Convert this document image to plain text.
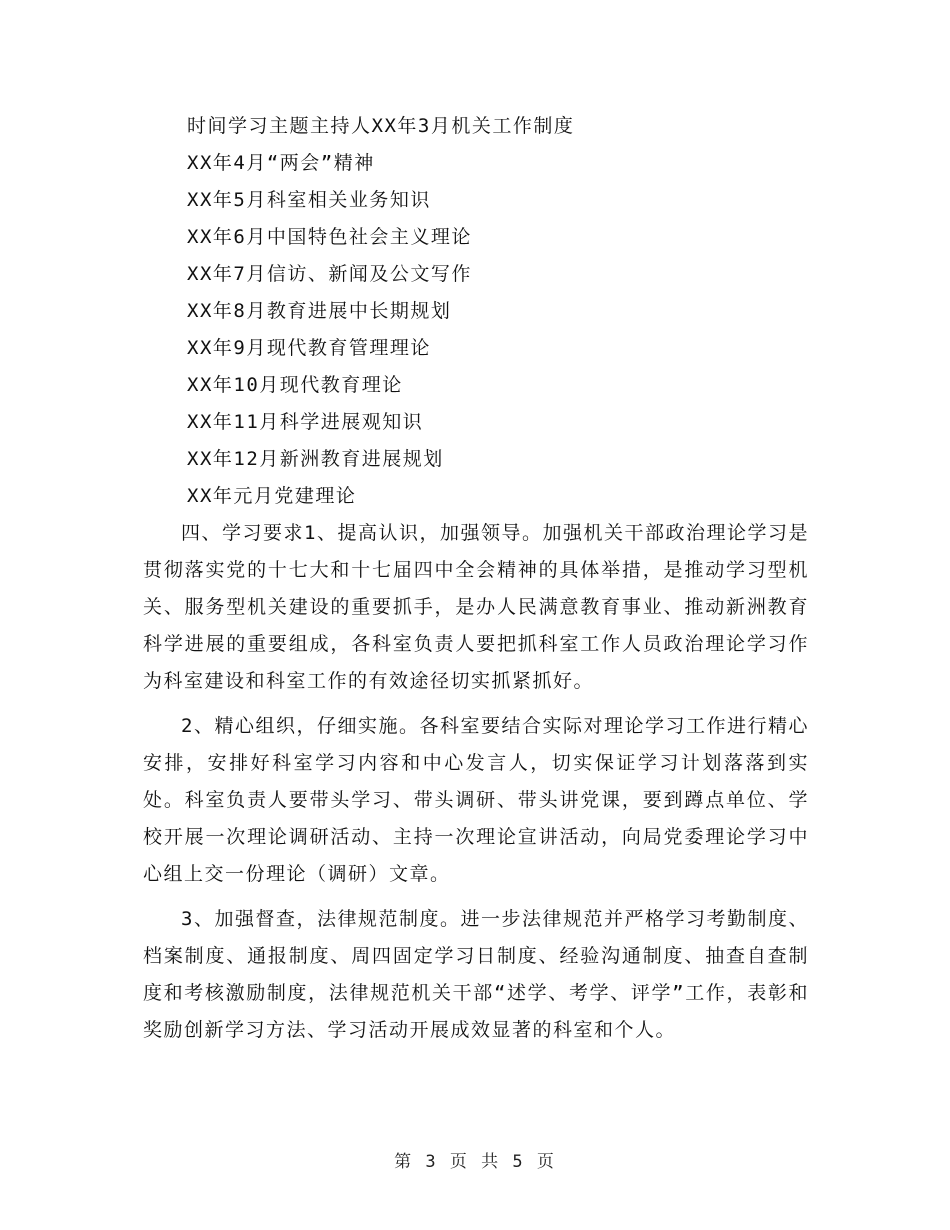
时间学习主题主持人XX年3月机关工作制度
XX年4月“两会”精神
XX年5月科室相关业务知识
XX年6月中国特色社会主义理论
XX年7月信访、新闻及公文写作
XX年8月教育进展中长期规划
XX年9月现代教育管理理论
XX年10月现代教育理论
XX年11月科学进展观知识
XX年12月新洲教育进展规划
XX年元月党建理论

四、学习要求1、提高认识，加强领导。加强机关干部政治理论学习是贯彻落实党的十七大和十七届四中全会精神的具体举措，是推动学习型机关、服务型机关建设的重要抓手，是办人民满意教育事业、推动新洲教育科学进展的重要组成，各科室负责人要把抓科室工作人员政治理论学习作为科室建设和科室工作的有效途径切实抓紧抓好。

2、精心组织，仔细实施。各科室要结合实际对理论学习工作进行精心安排，安排好科室学习内容和中心发言人，切实保证学习计划落落到实处。科室负责人要带头学习、带头调研、带头讲党课，要到蹲点单位、学校开展一次理论调研活动、主持一次理论宣讲活动，向局党委理论学习中心组上交一份理论（调研）文章。

3、加强督查，法律规范制度。进一步法律规范并严格学习考勤制度、档案制度、通报制度、周四固定学习日制度、经验沟通制度、抽查自查制度和考核激励制度，法律规范机关干部“述学、考学、评学”工作，表彰和奖励创新学习方法、学习活动开展成效显著的科室和个人。

第 3 页 共 5 页
